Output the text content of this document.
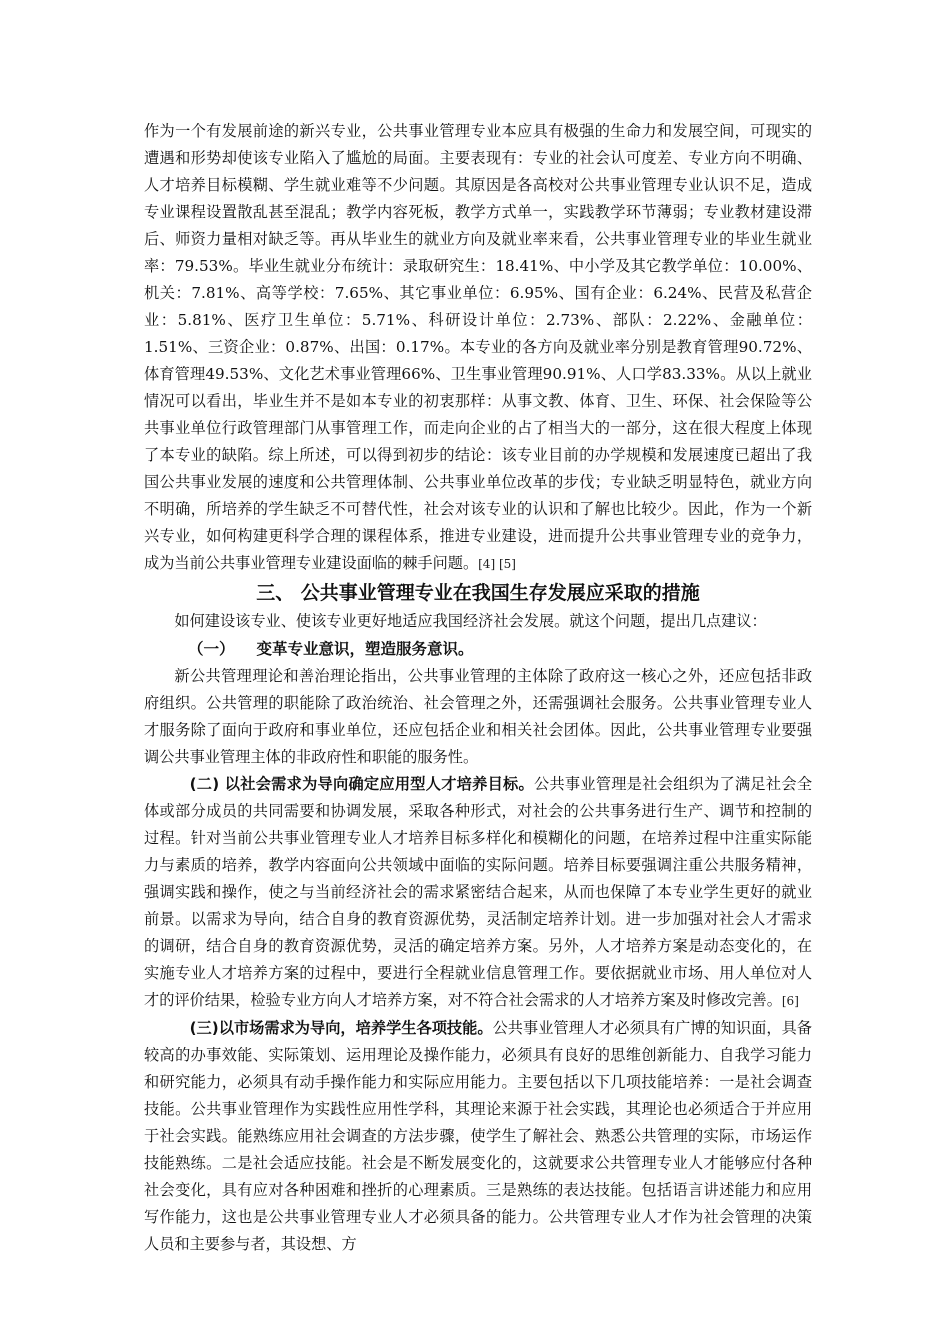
作为一个有发展前途的新兴专业，公共事业管理专业本应具有极强的生命力和发展空间，可现实的遭遇和形势却使该专业陷入了尴尬的局面。主要表现有：专业的社会认可度差、专业方向不明确、人才培养目标模糊、学生就业难等不少问题。其原因是各高校对公共事业管理专业认识不足，造成专业课程设置散乱甚至混乱；教学内容死板，教学方式单一，实践教学环节薄弱；专业教材建设滞后、师资力量相对缺乏等。再从毕业生的就业方向及就业率来看，公共事业管理专业的毕业生就业率：79.53%。毕业生就业分布统计：录取研究生：18.41%、中小学及其它教学单位：10.00%、机关：7.81%、高等学校：7.65%、其它事业单位：6.95%、国有企业：6.24%、民营及私营企业：5.81%、医疗卫生单位：5.71%、科研设计单位：2.73%、部队：2.22%、金融单位：1.51%、三资企业：0.87%、出国：0.17%。本专业的各方向及就业率分别是教育管理90.72%、体育管理49.53%、文化艺术事业管理66%、卫生事业管理90.91%、人口学83.33%。从以上就业情况可以看出，毕业生并不是如本专业的初衷那样：从事文教、体育、卫生、环保、社会保险等公共事业单位行政管理部门从事管理工作，而走向企业的占了相当大的一部分，这在很大程度上体现了本专业的缺陷。综上所述，可以得到初步的结论：该专业目前的办学规模和发展速度已超出了我国公共事业发展的速度和公共管理体制、公共事业单位改革的步伐；专业缺乏明显特色，就业方向不明确，所培养的学生缺乏不可替代性，社会对该专业的认识和了解也比较少。因此，作为一个新兴专业，如何构建更科学合理的课程体系，推进专业建设，进而提升公共事业管理专业的竞争力，成为当前公共事业管理专业建设面临的棘手问题。[4] [5]

三、 公共事业管理专业在我国生存发展应采取的措施

如何建设该专业、使该专业更好地适应我国经济社会发展。就这个问题，提出几点建议：

（一） 变革专业意识，塑造服务意识。

新公共管理理论和善治理论指出，公共事业管理的主体除了政府这一核心之外，还应包括非政府组织。公共管理的职能除了政治统治、社会管理之外，还需强调社会服务。公共事业管理专业人才服务除了面向于政府和事业单位，还应包括企业和相关社会团体。因此，公共事业管理专业要强调公共事业管理主体的非政府性和职能的服务性。

(二) 以社会需求为导向确定应用型人才培养目标。公共事业管理是社会组织为了满足社会全体或部分成员的共同需要和协调发展，采取各种形式，对社会的公共事务进行生产、调节和控制的过程。针对当前公共事业管理专业人才培养目标多样化和模糊化的问题，在培养过程中注重实际能力与素质的培养，教学内容面向公共领域中面临的实际问题。培养目标要强调注重公共服务精神，强调实践和操作，使之与当前经济社会的需求紧密结合起来，从而也保障了本专业学生更好的就业前景。以需求为导向，结合自身的教育资源优势，灵活制定培养计划。进一步加强对社会人才需求的调研，结合自身的教育资源优势，灵活的确定培养方案。另外，人才培养方案是动态变化的，在实施专业人才培养方案的过程中，要进行全程就业信息管理工作。要依据就业市场、用人单位对人才的评价结果，检验专业方向人才培养方案，对不符合社会需求的人才培养方案及时修改完善。[6]

(三)以市场需求为导向，培养学生各项技能。公共事业管理人才必须具有广博的知识面，具备较高的办事效能、实际策划、运用理论及操作能力，必须具有良好的思维创新能力、自我学习能力和研究能力，必须具有动手操作能力和实际应用能力。主要包括以下几项技能培养：一是社会调查技能。公共事业管理作为实践性应用性学科，其理论来源于社会实践，其理论也必须适合于并应用于社会实践。能熟练应用社会调查的方法步骤，使学生了解社会、熟悉公共管理的实际，市场运作技能熟练。二是社会适应技能。社会是不断发展变化的，这就要求公共管理专业人才能够应付各种社会变化，具有应对各种困难和挫折的心理素质。三是熟练的表达技能。包括语言讲述能力和应用写作能力，这也是公共事业管理专业人才必须具备的能力。公共管理专业人才作为社会管理的决策人员和主要参与者，其设想、方
